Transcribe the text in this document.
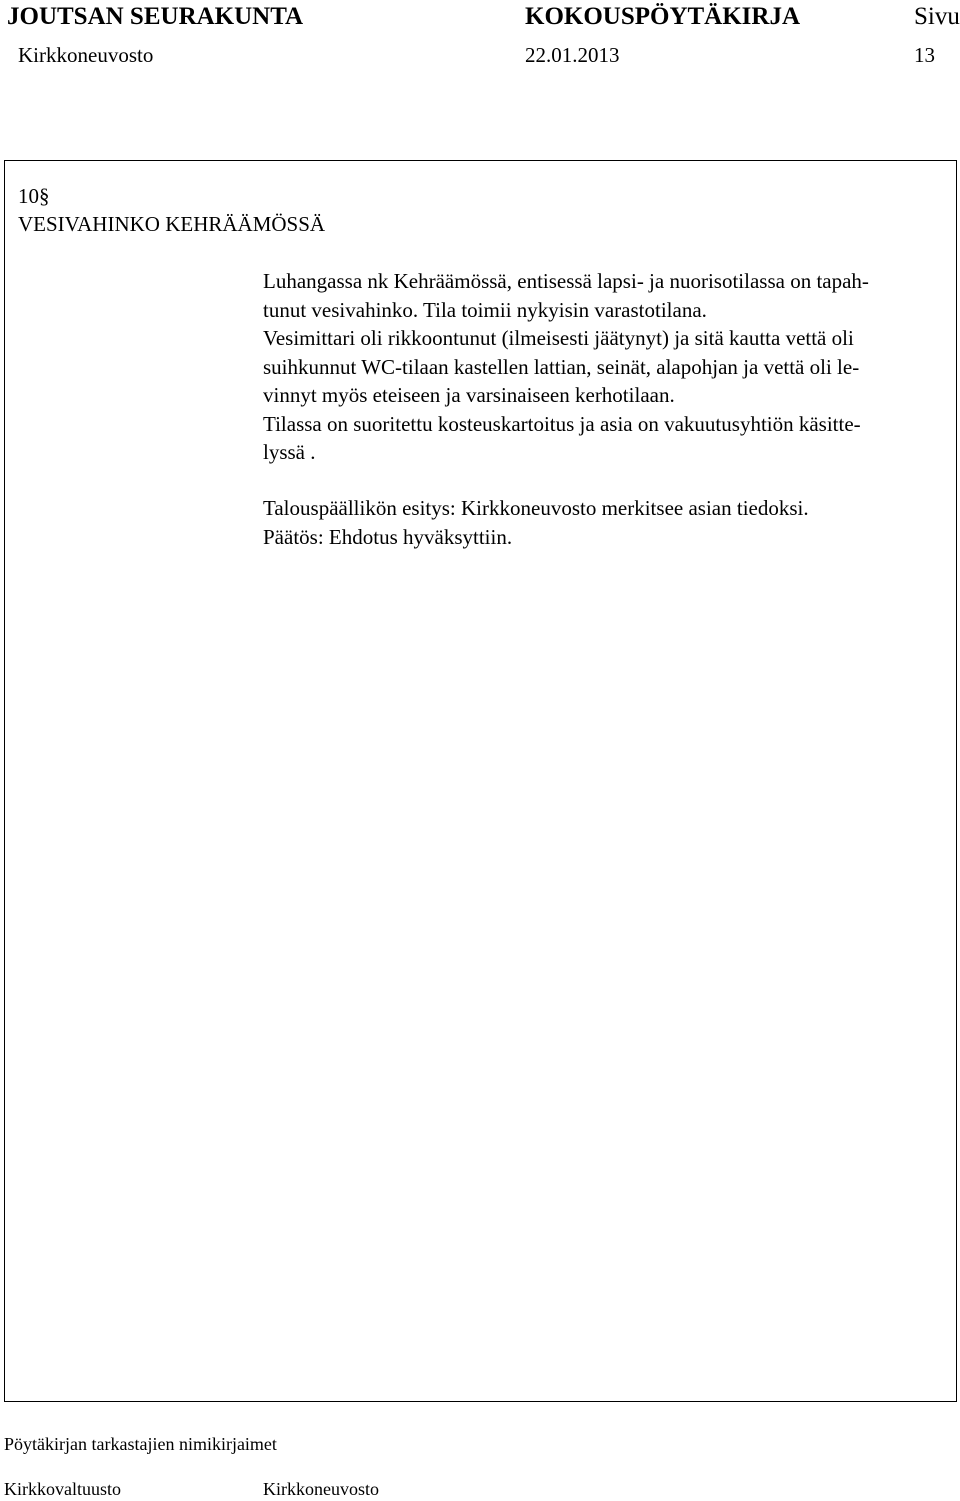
JOUTSAN SEURAKUNTA	KOKOUSPÖYTÄKIRJA	Sivu
Kirkkoneuvosto	22.01.2013	13
10§
VESIVAHINKO KEHRÄÄMÖSSÄ
Luhangassa nk Kehräämössä, entisessä lapsi- ja nuorisotilassa on tapah-
tunut vesivahinko. Tila toimii nykyisin varastotilana.
Vesimittari oli rikkoontunut (ilmeisesti jäätynyt) ja sitä kautta vettä oli
suihkunnut WC-tilaan kastellen lattian, seinät, alapohjan ja vettä oli le-
vinnyt myös eteiseen ja varsinaiseen kerhotilaan.
Tilassa on suoritettu kosteuskartoitus ja asia on vakuutusyhtiön käsitte-
lyssä .
Talouspäällikön esitys: Kirkkoneuvosto merkitsee asian tiedoksi.
Päätös: Ehdotus hyväksyttiin.
Pöytäkirjan tarkastajien nimikirjaimet
Kirkkovaltuusto	Kirkkoneuvosto
